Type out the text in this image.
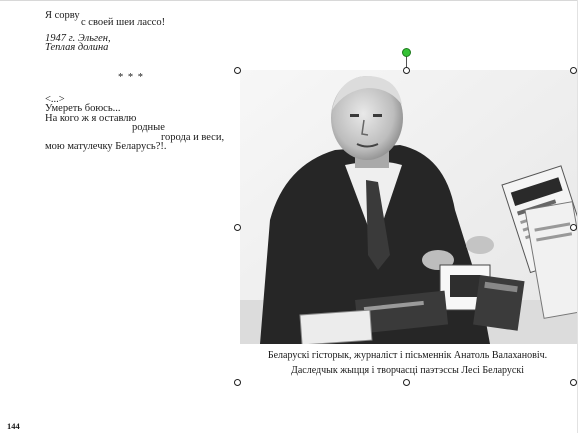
Я сорву
с своей шеи лассо!
1947 г. Эльген,
Теплая долина
* * *
<...>
Умереть боюсь...
На кого ж я оставлю
родные
города и веси,
мою матулечку Беларусь?!.
Беларускі гісторык, журналіст і пісьменнік Анатоль Валахановіч.
Даследчык жыцця і творчасці паэтэссы Лесі Беларускі
144
